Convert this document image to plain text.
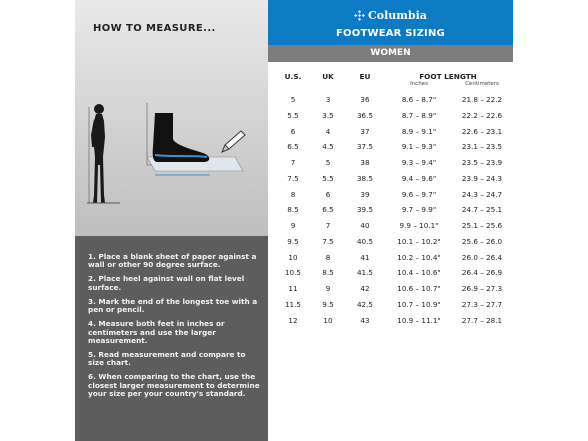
HOW TO MEASURE...
1. Place a blank sheet of paper against a wall or other 90 degree surface.
2. Place heel against wall on flat level surface.
3. Mark the end of the longest toe with a pen or pencil.
4. Measure both feet in inches or centimeters and use the larger measurement.
5. Read measurement and compare to size chart.
6. When comparing to the chart, use the closest larger measurement to determine your size per your country's standard.
Columbia
FOOTWEAR SIZING
WOMEN
U.S.	UK	EU	FOOT LENGTH
Inches	Centimeters
5	3	36	8.6 – 8.7"	21.8 – 22.2
5.5	3.5	36.5	8.7 – 8.9"	22.2 – 22.6
6	4	37	8.9 – 9.1"	22.6 – 23.1
6.5	4.5	37.5	9.1 – 9.3"	23.1 – 23.5
7	5	38	9.3 – 9.4"	23.5 – 23.9
7.5	5.5	38.5	9.4 – 9.6"	23.9 – 24.3
8	6	39	9.6 – 9.7"	24.3 – 24.7
8.5	6.5	39.5	9.7 – 9.9"	24.7 – 25.1
9	7	40	9.9 – 10.1"	25.1 – 25.6
9.5	7.5	40.5	10.1 – 10.2"	25.6 – 26.0
10	8	41	10.2 – 10.4"	26.0 – 26.4
10.5	8.5	41.5	10.4 – 10.6"	26.4 – 26.9
11	9	42	10.6 – 10.7"	26.9 – 27.3
11.5	9.5	42.5	10.7 – 10.9"	27.3 – 27.7
12	10	43	10.9 – 11.1"	27.7 – 28.1
